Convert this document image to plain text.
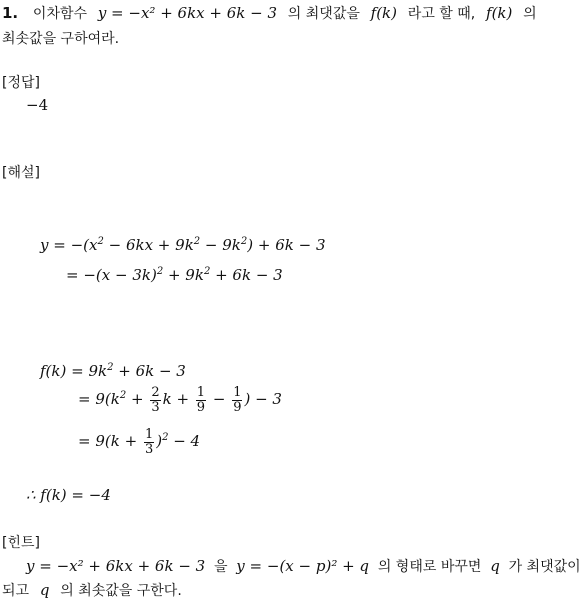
1. 이차함수 y = −x² + 6kx + 6k − 3 의 최댓값을 f(k) 라고 할 때, f(k) 의
최솟값을 구하여라.
[정답]
−4
[해설]
$y = -(x^2 - 6kx + 9k^2 - 9k^2) + 6k - 3$
= $-(x - 3k)^2 + 9k^2 + 6k - 3$
$f(k) = 9k^2 + 6k - 3$
= $9(k^2 + \frac{2}{3}$ $k + \frac{1}{9} - \frac{1}{9}$ ) − 3
= $9(k + \frac{1}{3} )^2 - 4$
∴ f(k) = −4
[힌트]
y = −x² + 6kx + 6k − 3 을 y = −(x − p)² + q 의 형태로 바꾸면 q 가 최댓값이
되고 q 의 최솟값을 구한다.
